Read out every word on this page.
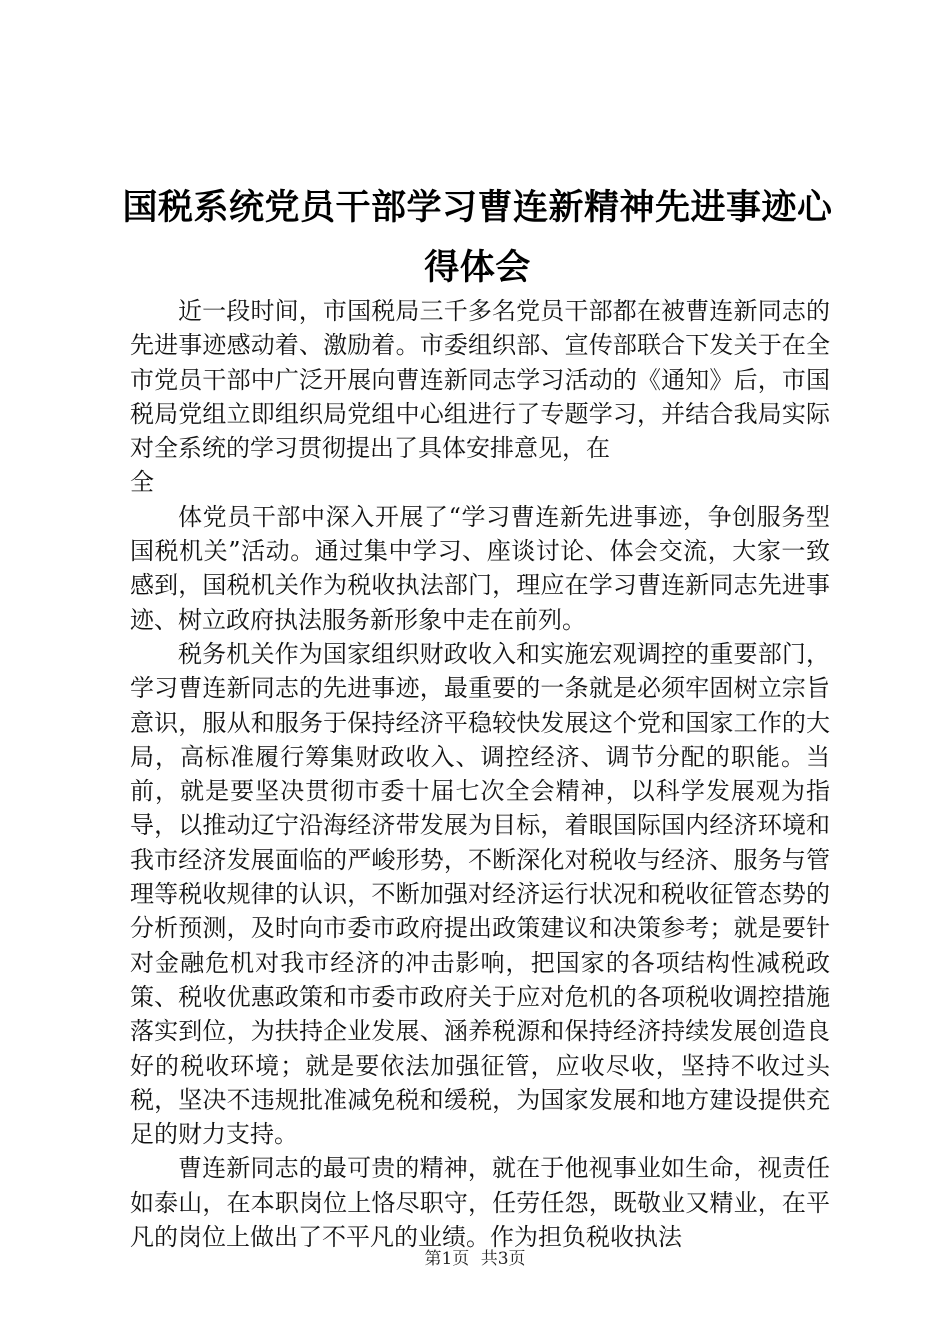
国税系统党员干部学习曹连新精神先进事迹心
得体会

近一段时间，市国税局三千多名党员干部都在被曹连新同志的先进事迹感动着、激励着。市委组织部、宣传部联合下发关于在全市党员干部中广泛开展向曹连新同志学习活动的《通知》后，市国税局党组立即组织局党组中心组进行了专题学习，并结合我局实际对全系统的学习贯彻提出了具体安排意见，在

全

体党员干部中深入开展了“学习曹连新先进事迹，争创服务型国税机关”活动。通过集中学习、座谈讨论、体会交流，大家一致感到，国税机关作为税收执法部门，理应在学习曹连新同志先进事迹、树立政府执法服务新形象中走在前列。

税务机关作为国家组织财政收入和实施宏观调控的重要部门，学习曹连新同志的先进事迹，最重要的一条就是必须牢固树立宗旨意识，服从和服务于保持经济平稳较快发展这个党和国家工作的大局，高标准履行筹集财政收入、调控经济、调节分配的职能。当前，就是要坚决贯彻市委十届七次全会精神，以科学发展观为指导，以推动辽宁沿海经济带发展为目标，着眼国际国内经济环境和我市经济发展面临的严峻形势，不断深化对税收与经济、服务与管理等税收规律的认识，不断加强对经济运行状况和税收征管态势的分析预测，及时向市委市政府提出政策建议和决策参考；就是要针对金融危机对我市经济的冲击影响，把国家的各项结构性减税政策、税收优惠政策和市委市政府关于应对危机的各项税收调控措施落实到位，为扶持企业发展、涵养税源和保持经济持续发展创造良好的税收环境；就是要依法加强征管，应收尽收，坚持不收过头税，坚决不违规批准减免税和缓税，为国家发展和地方建设提供充足的财力支持。

曹连新同志的最可贵的精神，就在于他视事业如生命，视责任如泰山，在本职岗位上恪尽职守，任劳任怨，既敬业又精业，在平凡的岗位上做出了不平凡的业绩。作为担负税收执法

第1页 共3页
